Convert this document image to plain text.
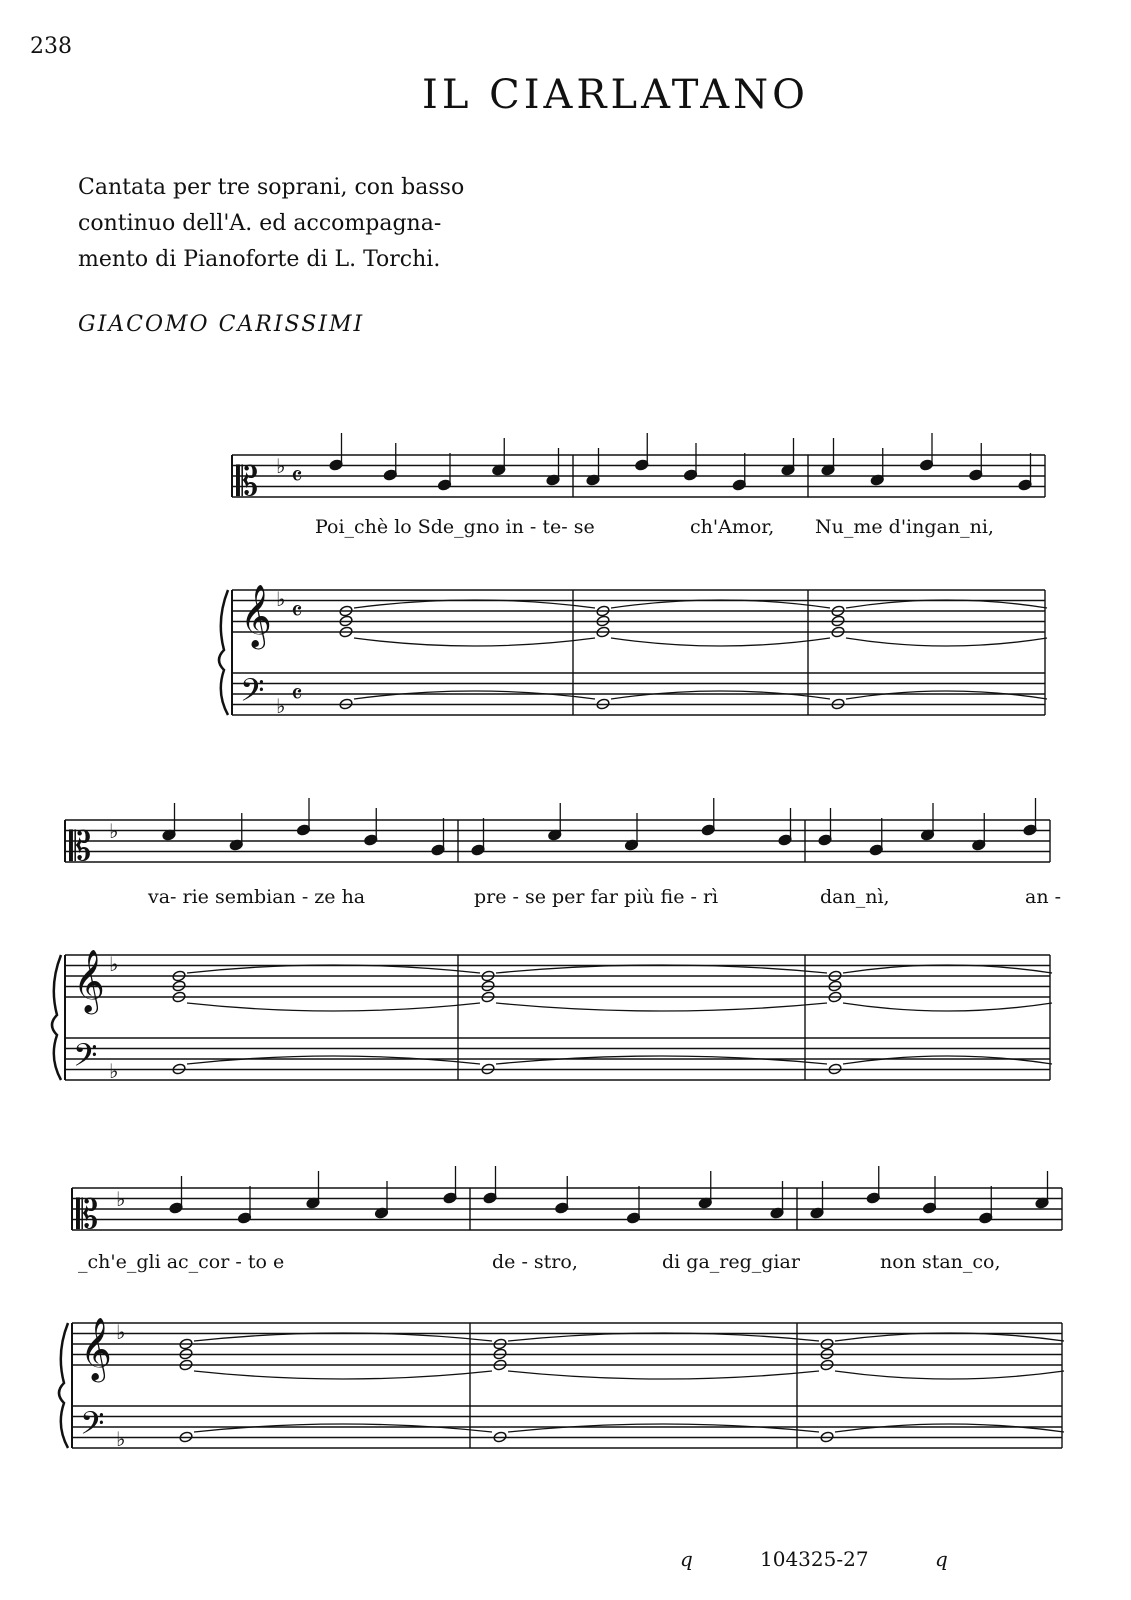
238
IL CIARLATANO
Cantata per tre soprani, con basso
continuo dell'A. ed accompagna-
mento di Pianoforte di L. Torchi.
GIACOMO CARISSIMI
𝄡 ♭
𝄞 ♭
𝄢 ♭
𝄴
𝄴
𝄴
Poi_chè lo Sde_gno in - te- se	ch'Amor, Nu_me d'ingan_ni,
𝄡 ♭
𝄞 ♭
𝄢 ♭
va- rie sembian - ze ha	pre - se per far più fie - rì	dan_nì,	an -
𝄡 ♭
𝄞 ♭
𝄢 ♭
_ch'e_gli ac_cor - to e	de - stro,	di ga_reg_giar	non stan_co,
q	104325-27	q
